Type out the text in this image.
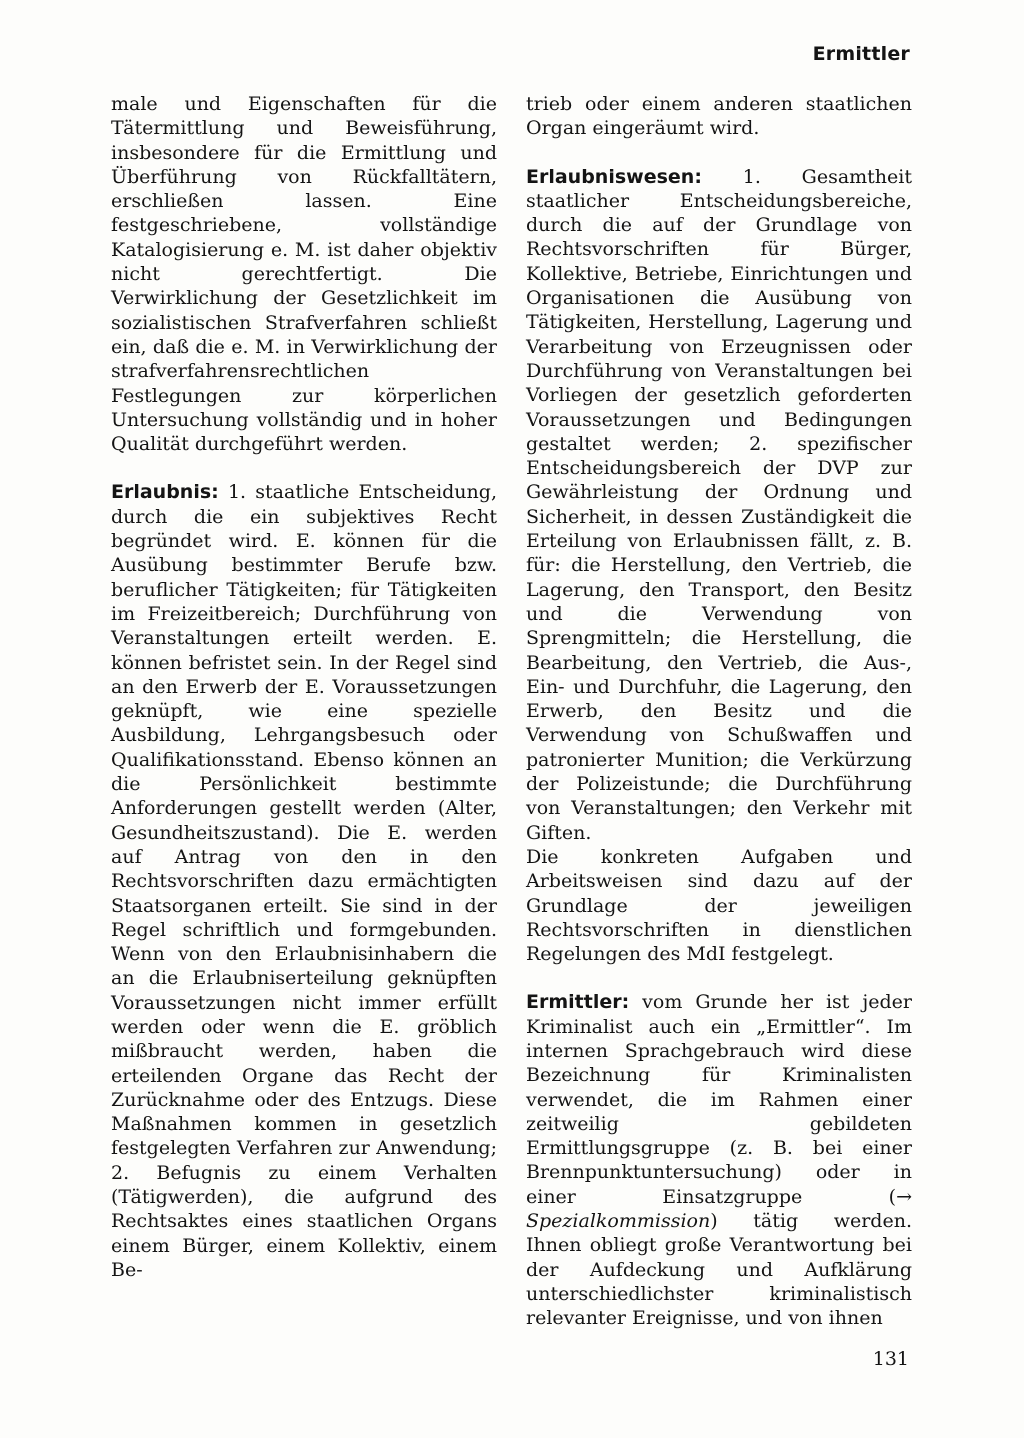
Ermittler

male und Eigenschaften für die Tätermittlung und Beweisführung, insbesondere für die Ermittlung und Überführung von Rückfalltätern, erschließen lassen. Eine festgeschriebene, vollständige Katalogisierung e. M. ist daher objektiv nicht gerechtfertigt. Die Verwirklichung der Gesetzlichkeit im sozialistischen Strafverfahren schließt ein, daß die e. M. in Verwirklichung der strafverfahrensrechtlichen Festlegungen zur körperlichen Untersuchung vollständig und in hoher Qualität durchgeführt werden.

Erlaubnis: 1. staatliche Entscheidung, durch die ein subjektives Recht begründet wird. E. können für die Ausübung bestimmter Berufe bzw. beruflicher Tätigkeiten; für Tätigkeiten im Freizeitbereich; Durchführung von Veranstaltungen erteilt werden. E. können befristet sein. In der Regel sind an den Erwerb der E. Voraussetzungen geknüpft, wie eine spezielle Ausbildung, Lehrgangsbesuch oder Qualifikationsstand. Ebenso können an die Persönlichkeit bestimmte Anforderungen gestellt werden (Alter, Gesundheitszustand). Die E. werden auf Antrag von den in den Rechtsvorschriften dazu ermächtigten Staatsorganen erteilt. Sie sind in der Regel schriftlich und formgebunden. Wenn von den Erlaubnisinhabern die an die Erlaubniserteilung geknüpften Voraussetzungen nicht immer erfüllt werden oder wenn die E. gröblich mißbraucht werden, haben die erteilenden Organe das Recht der Zurücknahme oder des Entzugs. Diese Maßnahmen kommen in gesetzlich festgelegten Verfahren zur Anwendung; 2. Befugnis zu einem Verhalten (Tätigwerden), die aufgrund des Rechtsaktes eines staatlichen Organs einem Bürger, einem Kollektiv, einem Be-

trieb oder einem anderen staatlichen Organ eingeräumt wird.

Erlaubniswesen: 1. Gesamtheit staatlicher Entscheidungsbereiche, durch die auf der Grundlage von Rechtsvorschriften für Bürger, Kollektive, Betriebe, Einrichtungen und Organisationen die Ausübung von Tätigkeiten, Herstellung, Lagerung und Verarbeitung von Erzeugnissen oder Durchführung von Veranstaltungen bei Vorliegen der gesetzlich geforderten Voraussetzungen und Bedingungen gestaltet werden; 2. spezifischer Entscheidungsbereich der DVP zur Gewährleistung der Ordnung und Sicherheit, in dessen Zuständigkeit die Erteilung von Erlaubnissen fällt, z. B. für: die Herstellung, den Vertrieb, die Lagerung, den Transport, den Besitz und die Verwendung von Sprengmitteln; die Herstellung, die Bearbeitung, den Vertrieb, die Aus-, Ein- und Durchfuhr, die Lagerung, den Erwerb, den Besitz und die Verwendung von Schußwaffen und patronierter Munition; die Verkürzung der Polizeistunde; die Durchführung von Veranstaltungen; den Verkehr mit Giften.

Die konkreten Aufgaben und Arbeitsweisen sind dazu auf der Grundlage der jeweiligen Rechtsvorschriften in dienstlichen Regelungen des MdI festgelegt.

Ermittler: vom Grunde her ist jeder Kriminalist auch ein „Ermittler“. Im internen Sprachgebrauch wird diese Bezeichnung für Kriminalisten verwendet, die im Rahmen einer zeitweilig gebildeten Ermittlungsgruppe (z. B. bei einer Brennpunktuntersuchung) oder in einer Einsatzgruppe (→ Spezialkommission) tätig werden. Ihnen obliegt große Verantwortung bei der Aufdeckung und Aufklärung unterschiedlichster kriminalistisch relevanter Ereignisse, und von ihnen

131
